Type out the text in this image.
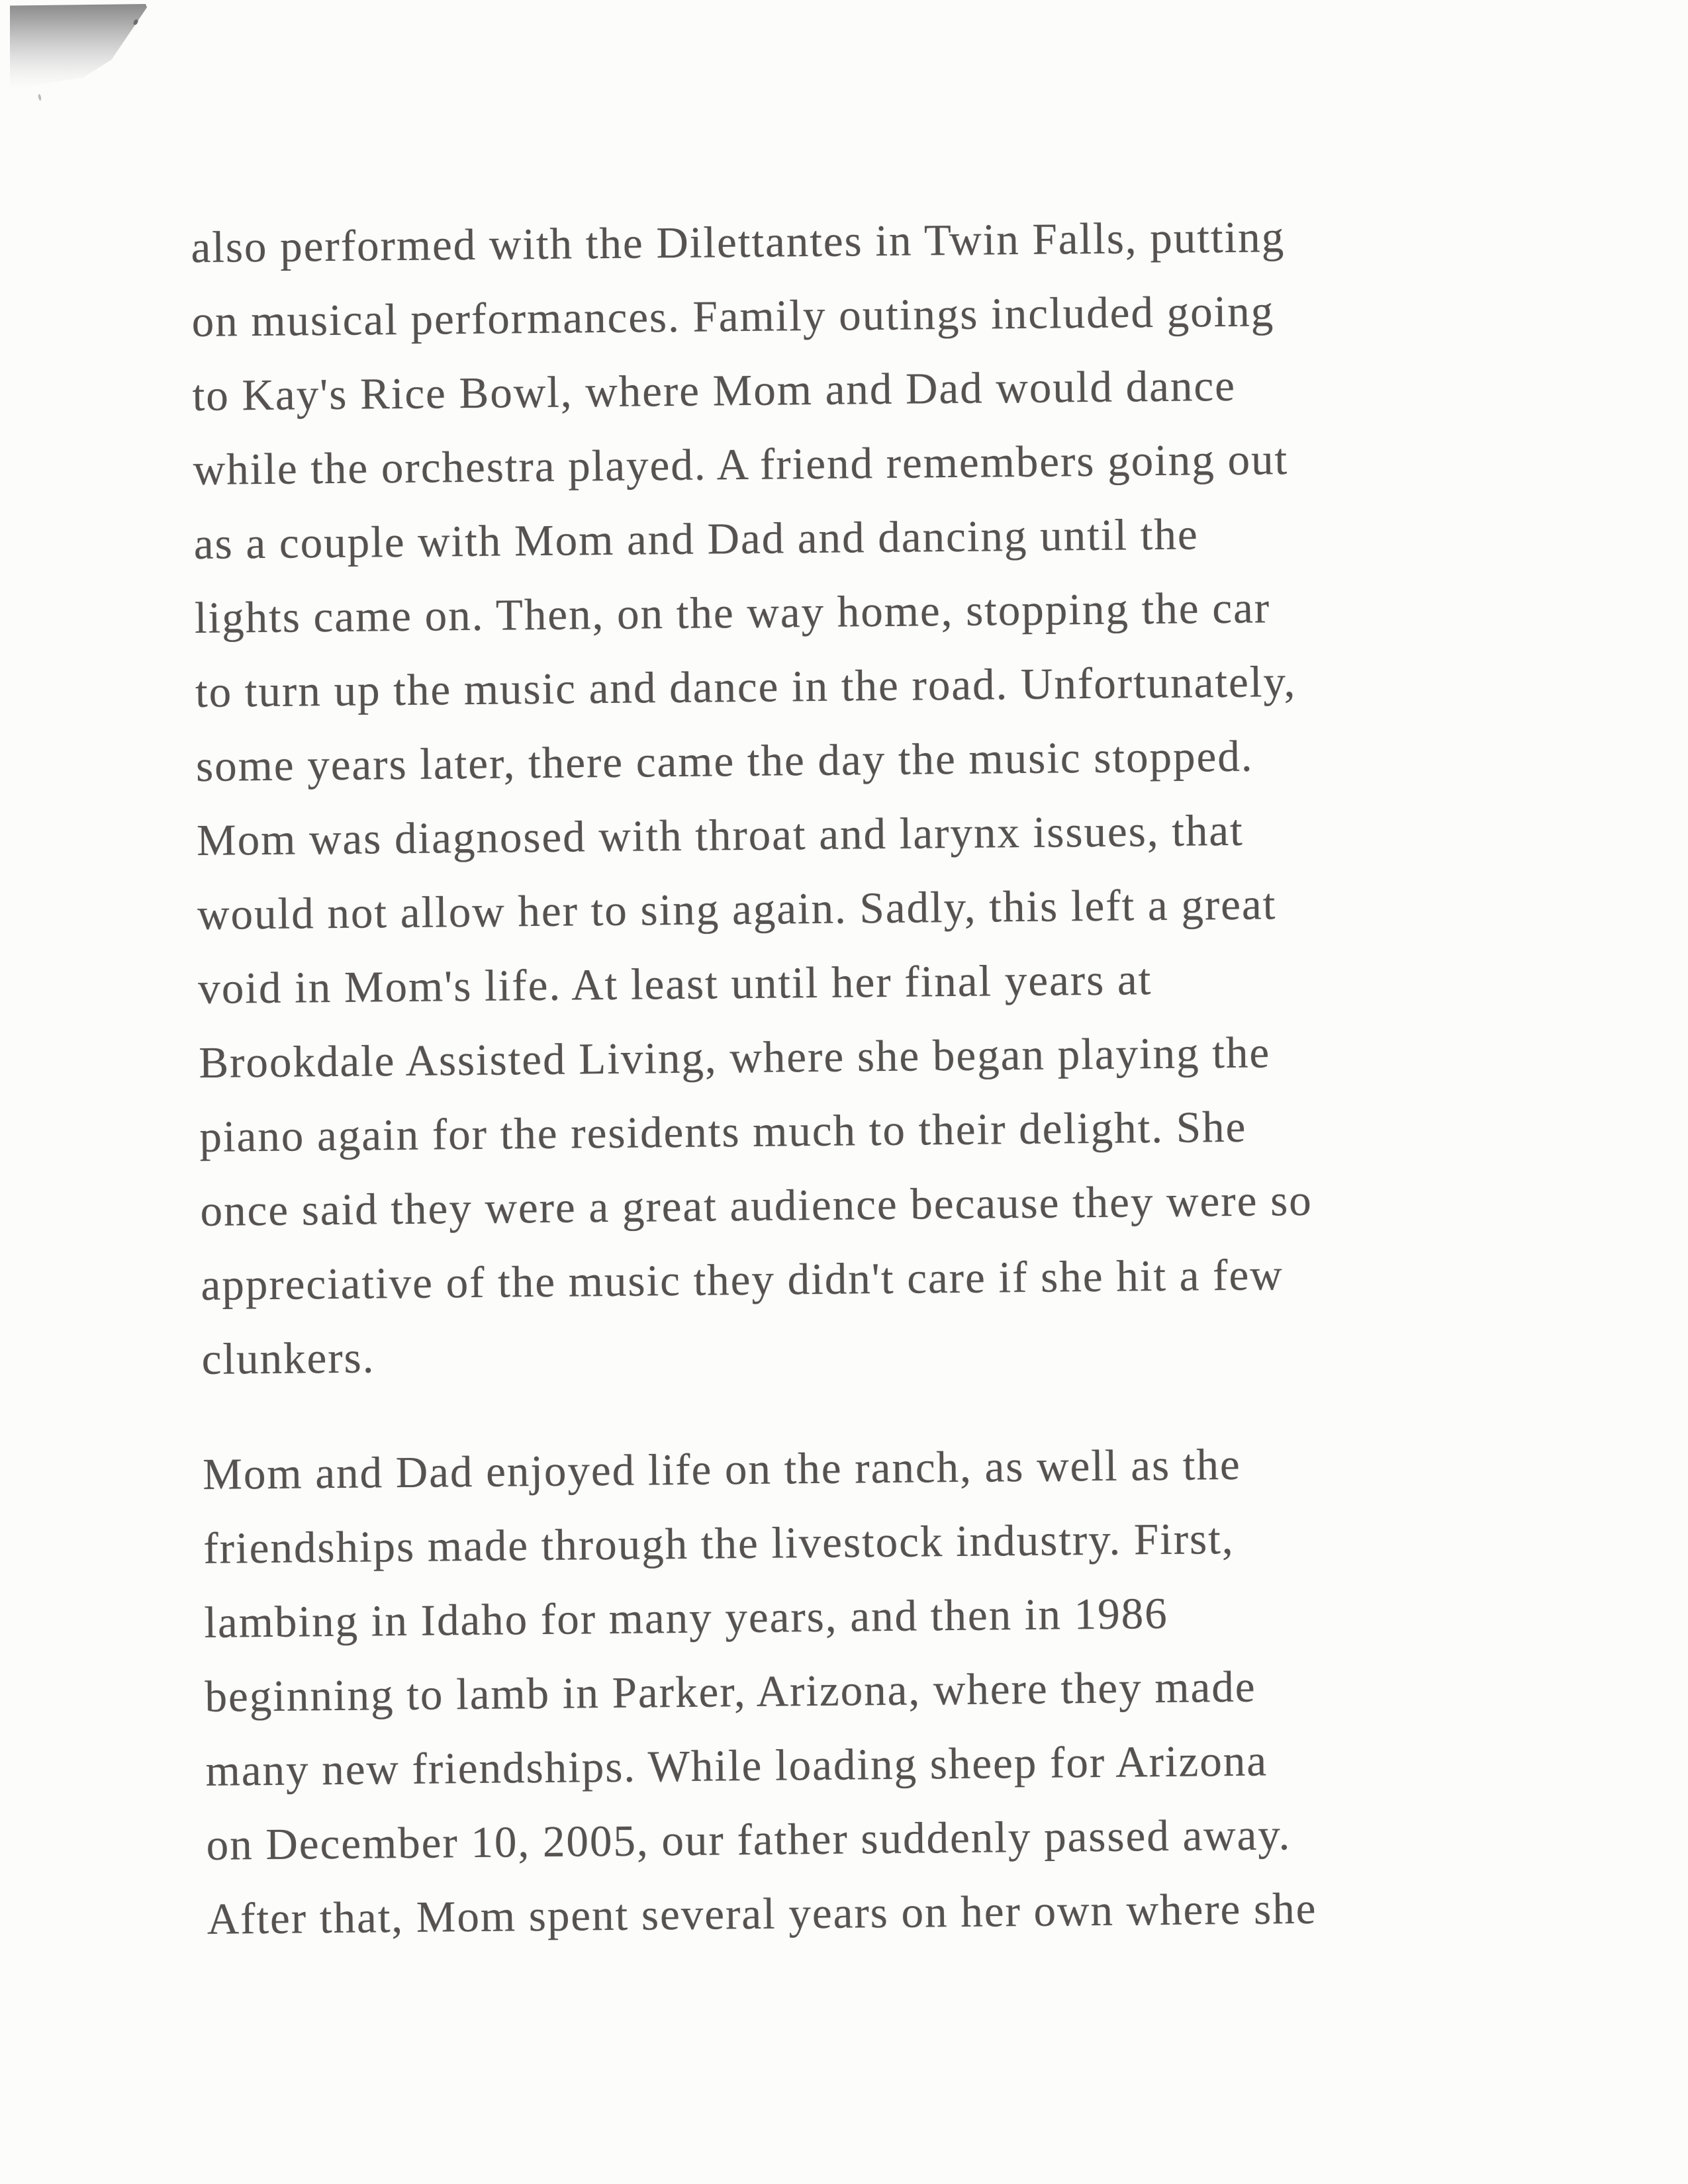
also performed with the Dilettantes in Twin Falls, putting
on musical performances. Family outings included going
to Kay's Rice Bowl, where Mom and Dad would dance
while the orchestra played. A friend remembers going out
as a couple with Mom and Dad and dancing until the
lights came on. Then, on the way home, stopping the car
to turn up the music and dance in the road. Unfortunately,
some years later, there came the day the music stopped.
Mom was diagnosed with throat and larynx issues, that
would not allow her to sing again. Sadly, this left a great
void in Mom's life. At least until her final years at
Brookdale Assisted Living, where she began playing the
piano again for the residents much to their delight. She
once said they were a great audience because they were so
appreciative of the music they didn't care if she hit a few
clunkers.

Mom and Dad enjoyed life on the ranch, as well as the
friendships made through the livestock industry. First,
lambing in Idaho for many years, and then in 1986
beginning to lamb in Parker, Arizona, where they made
many new friendships. While loading sheep for Arizona
on December 10, 2005, our father suddenly passed away.
After that, Mom spent several years on her own where she
